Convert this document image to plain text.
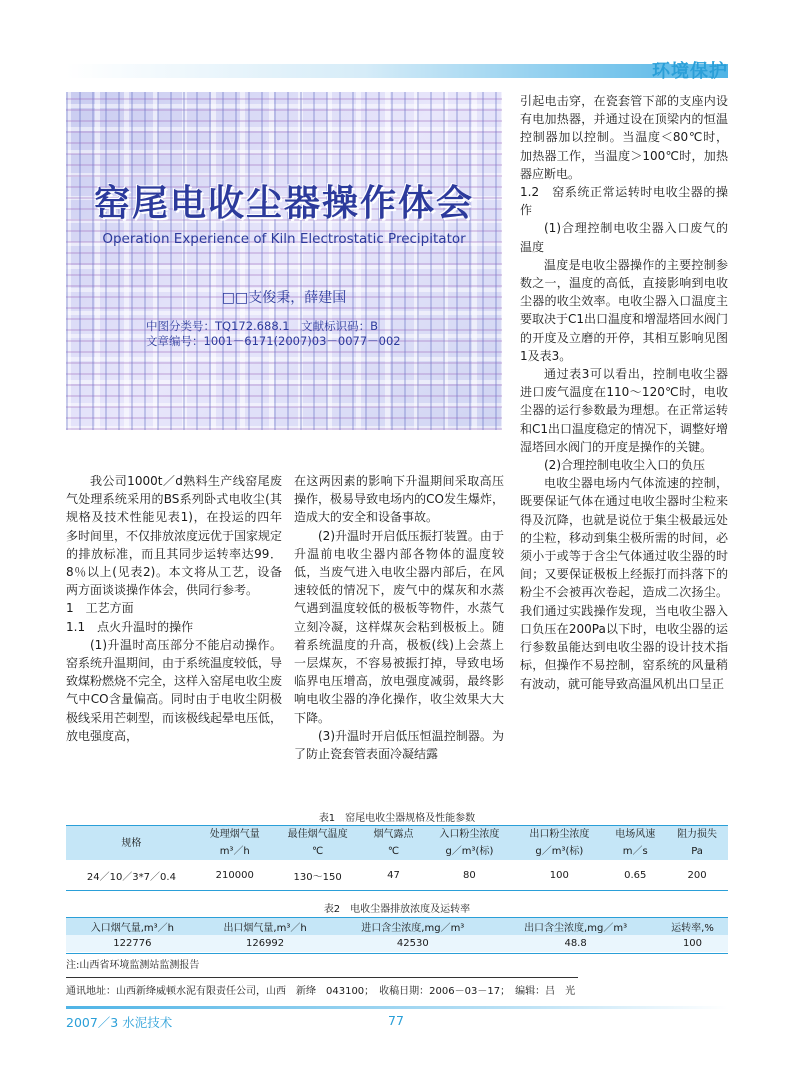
环境保护
窑尾电收尘器操作体会
Operation Experience of Kiln Electrostatic Precipitator
□□支俊秉，薛建国
中图分类号：TQ172.688.1　文献标识码：B
文章编号：1001－6171(2007)03－0077－002

我公司1000t／d熟料生产线窑尾废气处理系统采用的BS系列卧式电收尘(其规格及技术性能见表1)，在投运的四年多时间里，不仅排放浓度远优于国家规定的排放标准，而且其同步运转率达99．8％以上(见表2)。本文将从工艺，设备两方面谈谈操作体会，供同行参考。

1　工艺方面

1.1　点火升温时的操作

(1)升温时高压部分不能启动操作。窑系统升温期间，由于系统温度较低，导致煤粉燃烧不完全，这样入窑尾电收尘废气中CO含量偏高。同时由于电收尘阴极极线采用芒刺型，而该极线起晕电压低，放电强度高，

在这两因素的影响下升温期间采取高压操作，极易导致电场内的CO发生爆炸，造成大的安全和设备事故。

(2)升温时开启低压振打装置。由于升温前电收尘器内部各物体的温度较低，当废气进入电收尘器内部后，在风速较低的情况下，废气中的煤灰和水蒸气遇到温度较低的极板等物件，水蒸气立刻冷凝，这样煤灰会粘到极板上。随着系统温度的升高，极板(线)上会蒸上一层煤灰，不容易被振打掉，导致电场临界电压增高，放电强度减弱，最终影响电收尘器的净化操作，收尘效果大大下降。

(3)升温时开启低压恒温控制器。为了防止瓷套管表面冷凝结露

引起电击穿，在瓷套管下部的支座内设有电加热器，并通过设在顶梁内的恒温控制器加以控制。当温度＜80℃时，加热器工作，当温度＞100℃时，加热器应断电。

1.2　窑系统正常运转时电收尘器的操作

(1)合理控制电收尘器入口废气的温度

温度是电收尘器操作的主要控制参数之一，温度的高低，直接影响到电收尘器的收尘效率。电收尘器入口温度主要取决于C1出口温度和增湿塔回水阀门的开度及立磨的开停，其相互影响见图1及表3。

通过表3可以看出，控制电收尘器进口废气温度在110～120℃时，电收尘器的运行参数最为理想。在正常运转和C1出口温度稳定的情况下，调整好增湿塔回水阀门的开度是操作的关键。

(2)合理控制电收尘入口的负压

电收尘器电场内气体流速的控制，既要保证气体在通过电收尘器时尘粒来得及沉降，也就是说位于集尘极最远处的尘粒，移动到集尘极所需的时间，必须小于或等于含尘气体通过收尘器的时间；又要保证极板上经振打而抖落下的粉尘不会被再次卷起，造成二次扬尘。我们通过实践操作发现，当电收尘器入口负压在200Pa以下时，电收尘器的运行参数虽能达到电收尘器的设计技术指标，但操作不易控制，窑系统的风量稍有波动，就可能导致高温风机出口呈正

表1　窑尾电收尘器规格及性能参数
规格	处理烟气量	最佳烟气温度	烟气露点	入口粉尘浓度	出口粉尘浓度	电场风速	阻力损失
	m³／h	℃	℃	g／m³(标)	g／m³(标)	m／s	Pa
24／10／3*7／0.4	210000	130～150	47	80	100	0.65	200
表2　电收尘器排放浓度及运转率
入口烟气量,m³／h	出口烟气量,m³／h	进口含尘浓度,mg／m³	出口含尘浓度,mg／m³	运转率,%
122776	126992	42530	48.8	100
注:山西省环境监测站监测报告
通讯地址：山西新绛威顿水泥有限责任公司，山西　新绛　043100；　收稿日期：2006－03－17；　编辑：吕　光
2007／3 水泥技术	77
